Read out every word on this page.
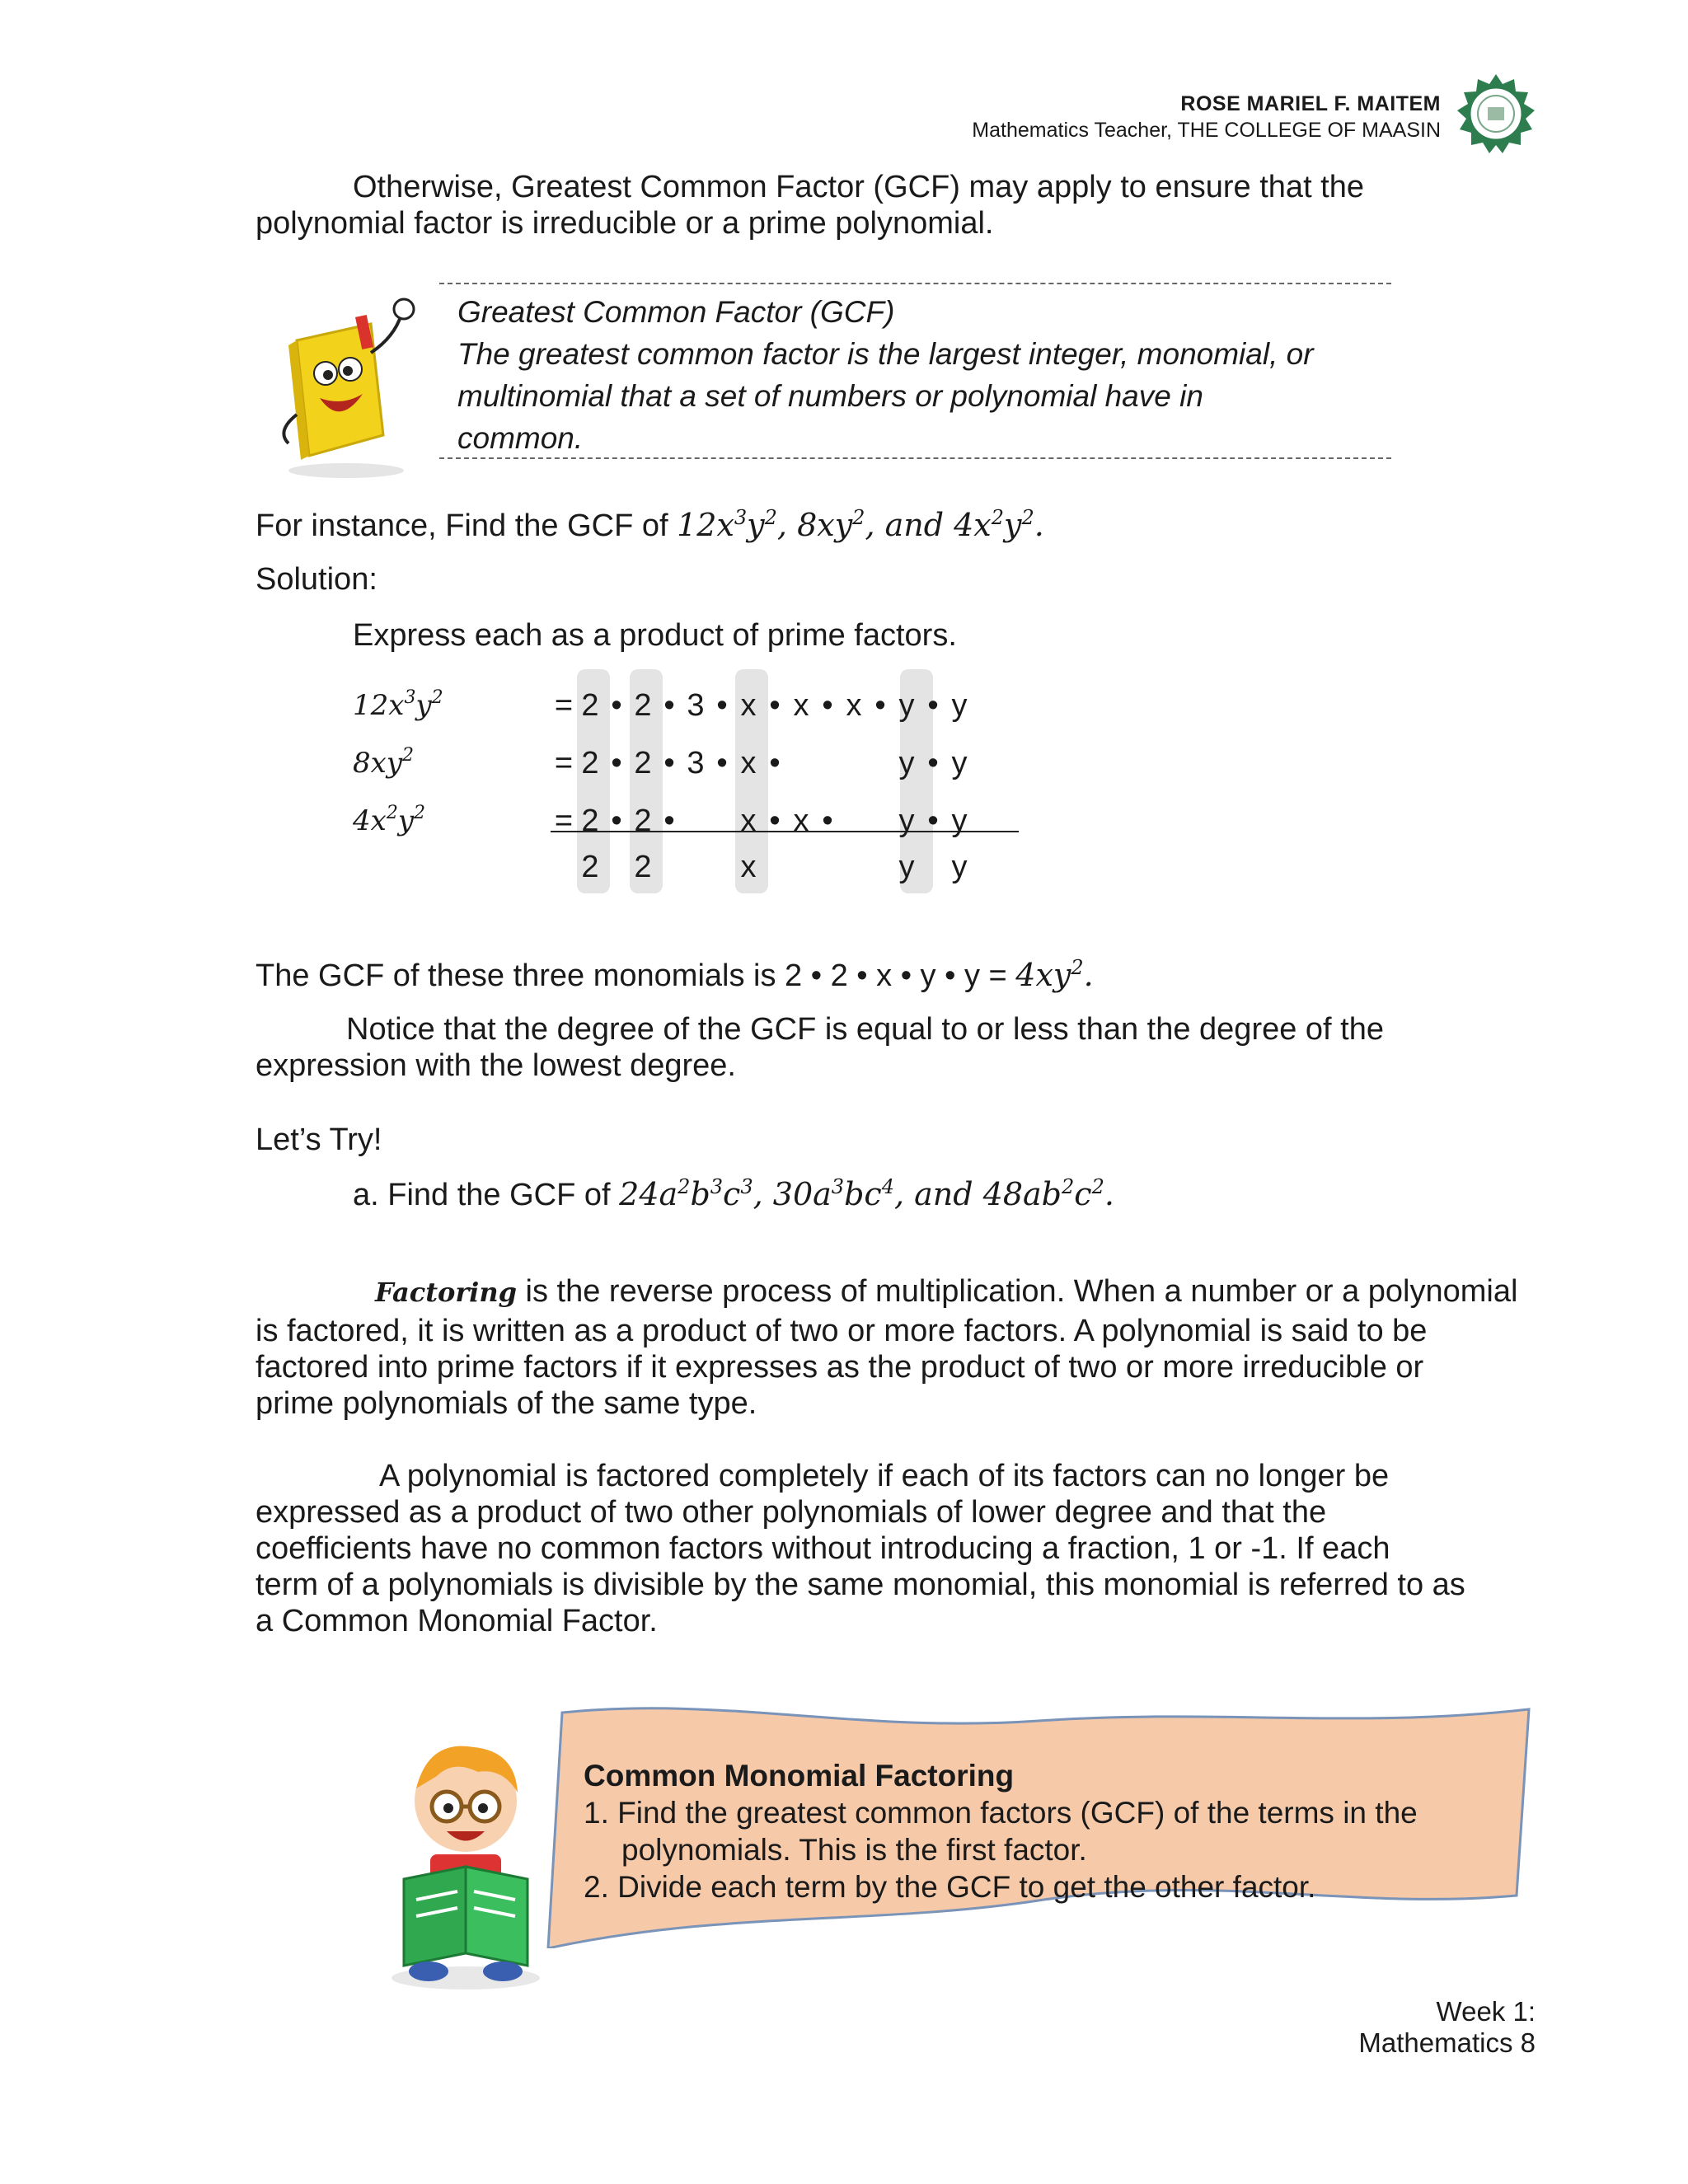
ROSE MARIEL F. MAITEM
Mathematics Teacher, THE COLLEGE OF MAASIN
Otherwise, Greatest Common Factor (GCF) may apply to ensure that the
polynomial factor is irreducible or a prime polynomial.
Greatest Common Factor (GCF)
The greatest common factor is the largest integer, monomial, or
multinomial that a set of numbers or polynomial have in
common.
For instance, Find the GCF of $12x^3y^2$, $8xy^2$, and $4x^2y^2$.
Solution:
Express each as a product of prime factors.
$12x^3y^2$	= 2 • 2 • 3 • x • x • x • y • y
$8xy^2$	= 2 • 2 • 3 • x •	y • y
$4x^2y^2$	= 2 • 2 •	x • x •	y • y
2 2	x	y y
The GCF of these three monomials is 2 • 2 • x • y • $y = 4xy^2$.
Notice that the degree of the GCF is equal to or less than the degree of the
expression with the lowest degree.
Let’s Try!
a. Find the GCF of $24a^2b^3c^3$, $30a^3bc^4$, and $48ab^2c^2$.
Factoring is the reverse process of multiplication. When a number or a polynomial
is factored, it is written as a product of two or more factors. A polynomial is said to be
factored into prime factors if it expresses as the product of two or more irreducible or
prime polynomials of the same type.
A polynomial is factored completely if each of its factors can no longer be
expressed as a product of two other polynomials of lower degree and that the
coefficients have no common factors without introducing a fraction, 1 or -1. If each
term of a polynomials is divisible by the same monomial, this monomial is referred to as
a Common Monomial Factor.
Common Monomial Factoring
1. Find the greatest common factors (GCF) of the terms in the
polynomials. This is the first factor.
2. Divide each term by the GCF to get the other factor.
Week 1:
Mathematics 8
